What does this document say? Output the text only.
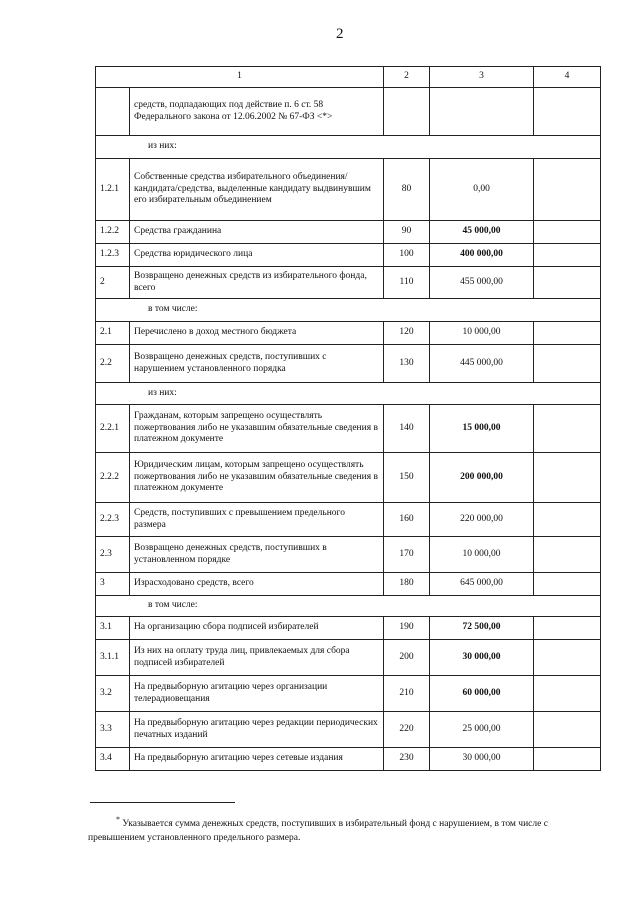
2
1		2	3	4
	средств, подпадающих под действие п. 6 ст. 58 Федерального закона от 12.06.2002 № 67-ФЗ <*>			
из них:				
1.2.1	Собственные средства избирательного объединения/кандидата/средства, выделенные кандидату выдвинувшим его избирательным объединением	80	0,00	
1.2.2	Средства гражданина	90	45 000,00	
1.2.3	Средства юридического лица	100	400 000,00	
2	Возвращено денежных средств из избирательного фонда, всего	110	455 000,00	
в том числе:				
2.1	Перечислено в доход местного бюджета	120	10 000,00	
2.2	Возвращено денежных средств, поступивших с нарушением установленного порядка	130	445 000,00	
из них:				
2.2.1	Гражданам, которым запрещено осуществлять пожертвования либо не указавшим обязательные сведения в платежном документе	140	15 000,00	
2.2.2	Юридическим лицам, которым запрещено осуществлять пожертвования либо не указавшим обязательные сведения в платежном документе	150	200 000,00	
2.2.3	Средств, поступивших с превышением предельного размера	160	220 000,00	
2.3	Возвращено денежных средств, поступивших в установленном порядке	170	10 000,00	
3	Израсходовано средств, всего	180	645 000,00	
в том числе:				
3.1	На организацию сбора подписей избирателей	190	72 500,00	
3.1.1	Из них на оплату труда лиц, привлекаемых для сбора подписей избирателей	200	30 000,00	
3.2	На предвыборную агитацию через организации телерадиовещания	210	60 000,00	
3.3	На предвыборную агитацию через редакции периодических печатных изданий	220	25 000,00	
3.4	На предвыборную агитацию через сетевые издания	230	30 000,00	
* Указывается сумма денежных средств, поступивших в избирательный фонд с нарушением, в том числе с превышением установленного предельного размера.
